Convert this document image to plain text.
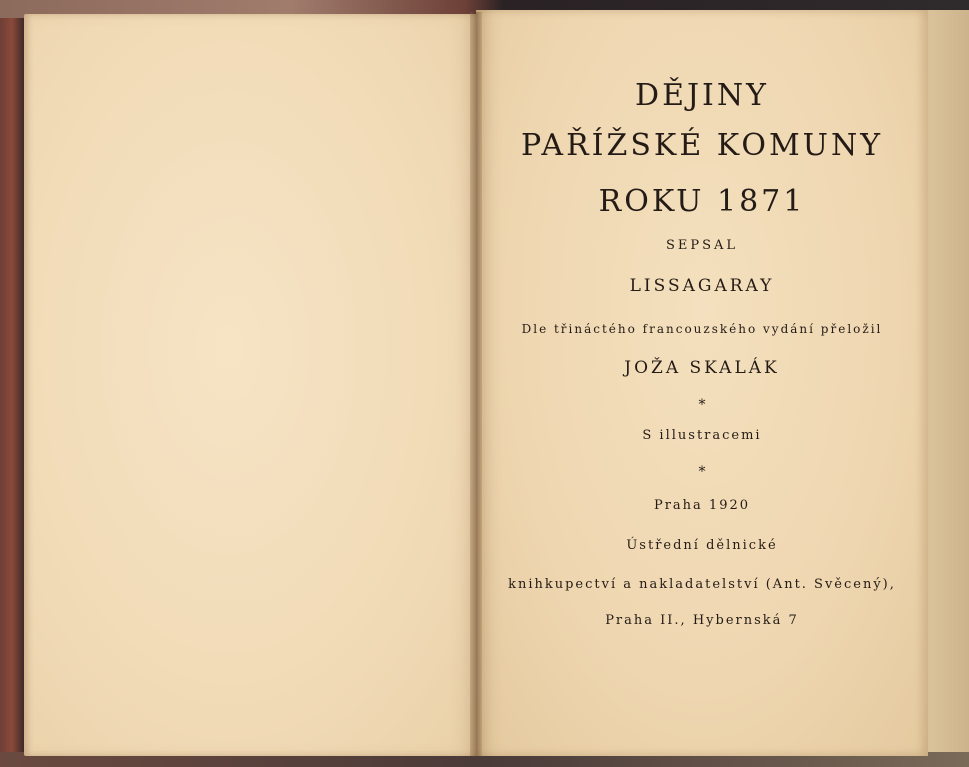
DĚJINY

PAŘÍŽSKÉ KOMUNY

ROKU 1871

SEPSAL

LISSAGARAY

Dle třináctého francouzského vydání přeložil

JOŽA SKALÁK

*

S illustracemi

*

Praha 1920

Ústřední dělnické

knihkupectví a nakladatelství (Ant. Svěcený),

Praha II., Hybernská 7
